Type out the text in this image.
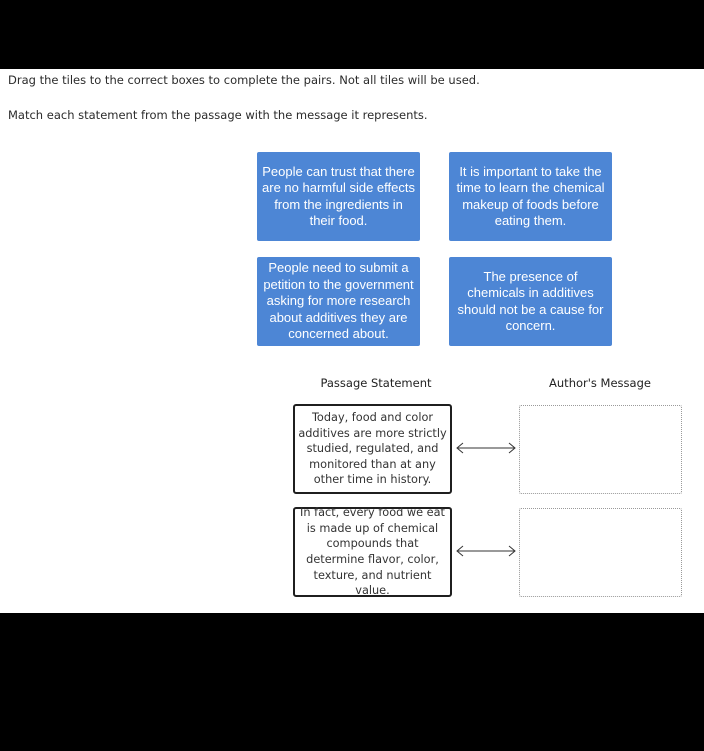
Drag the tiles to the correct boxes to complete the pairs. Not all tiles will be used.
Match each statement from the passage with the message it represents.
People can trust that there are no harmful side effects from the ingredients in their food.
It is important to take the time to learn the chemical makeup of foods before eating them.
People need to submit a petition to the government asking for more research about additives they are concerned about.
The presence of chemicals in additives should not be a cause for concern.
Passage Statement	Author's Message
Today, food and color additives are more strictly studied, regulated, and monitored than at any other time in history.
In fact, every food we eat is made up of chemical compounds that determine flavor, color, texture, and nutrient value.
